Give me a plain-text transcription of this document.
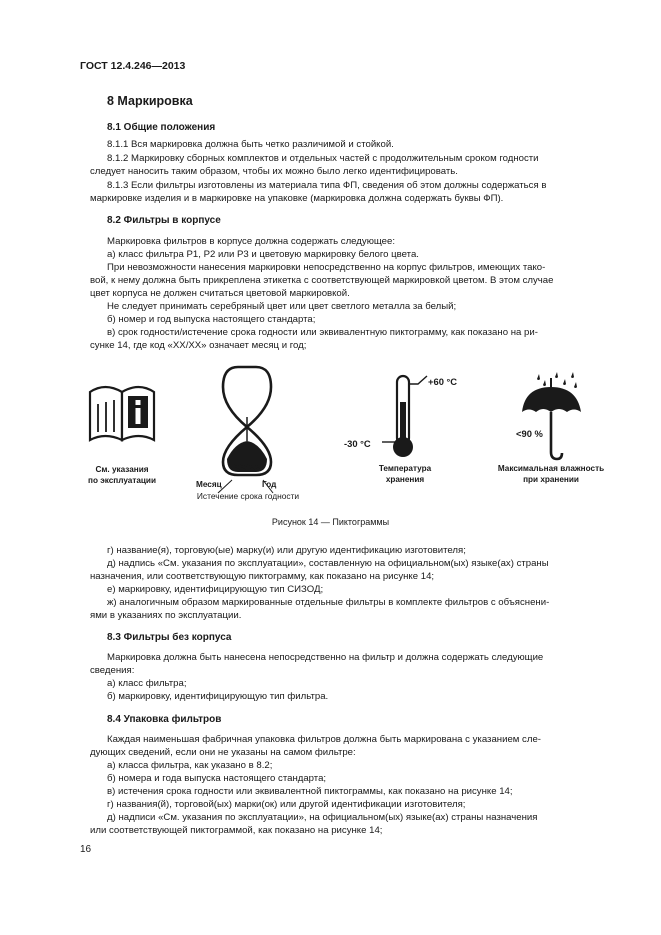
ГОСТ 12.4.246—2013
8 Маркировка
8.1 Общие положения
8.1.1 Вся маркировка должна быть четко различимой и стойкой.
8.1.2 Маркировку сборных комплектов и отдельных частей с продолжительным сроком годности
следует наносить таким образом, чтобы их можно было легко идентифицировать.
8.1.3 Если фильтры изготовлены из материала типа ФП, сведения об этом должны содержаться в
маркировке изделия и в маркировке на упаковке (маркировка должна содержать буквы ФП).
8.2 Фильтры в корпусе
Маркировка фильтров в корпусе должна содержать следующее:
а) класс фильтра Р1, Р2 или Р3 и цветовую маркировку белого цвета.
При невозможности нанесения маркировки непосредственно на корпус фильтров, имеющих тако-
вой, к нему должна быть прикреплена этикетка с соответствующей маркировкой цветом. В этом случае
цвет корпуса не должен считаться цветовой маркировкой.
Не следует принимать серебряный цвет или цвет светлого металла за белый;
б) номер и год выпуска настоящего стандарта;
в) срок годности/истечение срока годности или эквивалентную пиктограмму, как показано на ри-
сунке 14, где код «ХХ/ХХ» означает месяц и год;
См. указания
по эксплуатации
XX/XX
Месяц	Год
Истечение срока годности
+60 °С
-30 °С
Температура
хранения
<90 %
Максимальная влажность
при хранении
Рисунок 14 — Пиктограммы
г) название(я), торговую(ые) марку(и) или другую идентификацию изготовителя;
д) надпись «См. указания по эксплуатации», составленную на официальном(ых) языке(ах) страны
назначения, или соответствующую пиктограмму, как показано на рисунке 14;
е) маркировку, идентифицирующую тип СИЗОД;
ж) аналогичным образом маркированные отдельные фильтры в комплекте фильтров с объяснени-
ями в указаниях по эксплуатации.
8.3 Фильтры без корпуса
Маркировка должна быть нанесена непосредственно на фильтр и должна содержать следующие
сведения:
а) класс фильтра;
б) маркировку, идентифицирующую тип фильтра.
8.4 Упаковка фильтров
Каждая наименьшая фабричная упаковка фильтров должна быть маркирована с указанием сле-
дующих сведений, если они не указаны на самом фильтре:
а) класса фильтра, как указано в 8.2;
б) номера и года выпуска настоящего стандарта;
в) истечения срока годности или эквивалентной пиктограммы, как показано на рисунке 14;
г) названия(й), торговой(ых) марки(ок) или другой идентификации изготовителя;
д) надписи «См. указания по эксплуатации», на официальном(ых) языке(ах) страны назначения
или соответствующей пиктограммой, как показано на рисунке 14;
16
